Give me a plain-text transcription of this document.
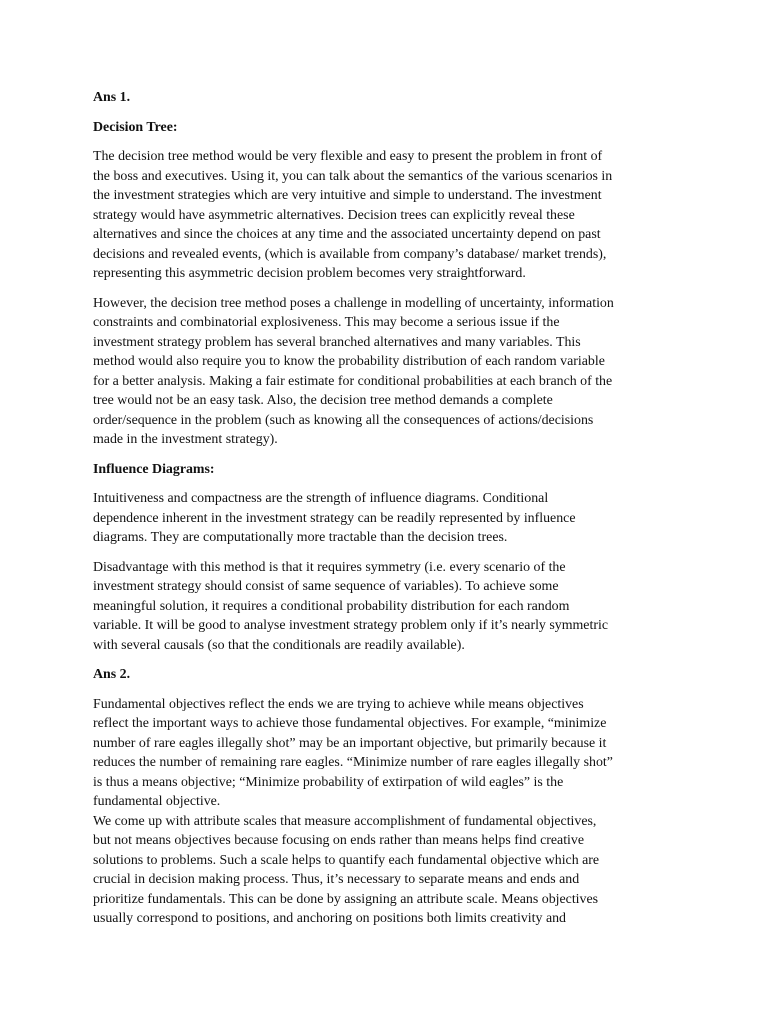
Ans 1.
Decision Tree:
The decision tree method would be very flexible and easy to present the problem in front of
the boss and executives. Using it, you can talk about the semantics of the various scenarios in
the investment strategies which are very intuitive and simple to understand. The investment
strategy would have asymmetric alternatives. Decision trees can explicitly reveal these
alternatives and since the choices at any time and the associated uncertainty depend on past
decisions and revealed events, (which is available from company’s database/ market trends),
representing this asymmetric decision problem becomes very straightforward.
However, the decision tree method poses a challenge in modelling of uncertainty, information
constraints and combinatorial explosiveness. This may become a serious issue if the
investment strategy problem has several branched alternatives and many variables. This
method would also require you to know the probability distribution of each random variable
for a better analysis. Making a fair estimate for conditional probabilities at each branch of the
tree would not be an easy task. Also, the decision tree method demands a complete
order/sequence in the problem (such as knowing all the consequences of actions/decisions
made in the investment strategy).
Influence Diagrams:
Intuitiveness and compactness are the strength of influence diagrams. Conditional
dependence inherent in the investment strategy can be readily represented by influence
diagrams. They are computationally more tractable than the decision trees.
Disadvantage with this method is that it requires symmetry (i.e. every scenario of the
investment strategy should consist of same sequence of variables). To achieve some
meaningful solution, it requires a conditional probability distribution for each random
variable. It will be good to analyse investment strategy problem only if it’s nearly symmetric
with several causals (so that the conditionals are readily available).
Ans 2.
Fundamental objectives reflect the ends we are trying to achieve while means objectives
reflect the important ways to achieve those fundamental objectives. For example, “minimize
number of rare eagles illegally shot” may be an important objective, but primarily because it
reduces the number of remaining rare eagles. “Minimize number of rare eagles illegally shot”
is thus a means objective; “Minimize probability of extirpation of wild eagles” is the
fundamental objective.
We come up with attribute scales that measure accomplishment of fundamental objectives,
but not means objectives because focusing on ends rather than means helps find creative
solutions to problems. Such a scale helps to quantify each fundamental objective which are
crucial in decision making process. Thus, it’s necessary to separate means and ends and
prioritize fundamentals. This can be done by assigning an attribute scale. Means objectives
usually correspond to positions, and anchoring on positions both limits creativity and
